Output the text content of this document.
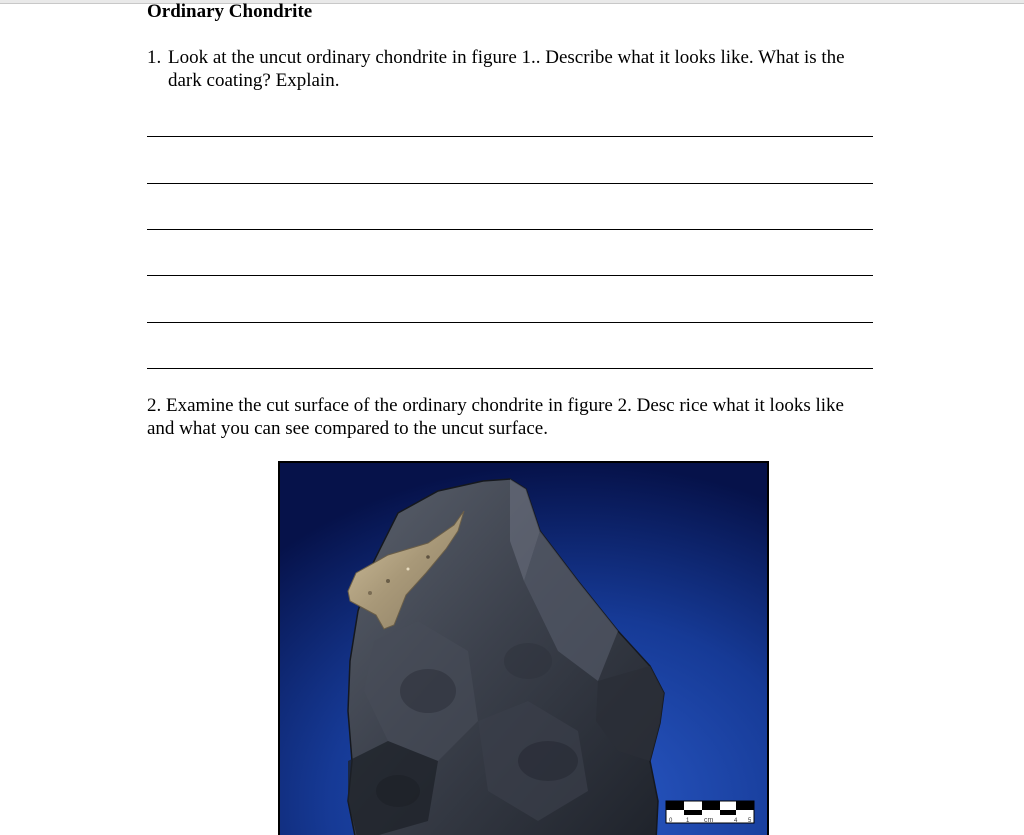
Ordinary Chondrite
1. Look at the uncut ordinary chondrite in figure 1.. Describe what it looks like. What is the dark coating? Explain.
2. Examine the cut surface of the ordinary chondrite in figure 2. Desc rice what it looks like and what you can see compared to the uncut surface.
0 1 cm	4 5
